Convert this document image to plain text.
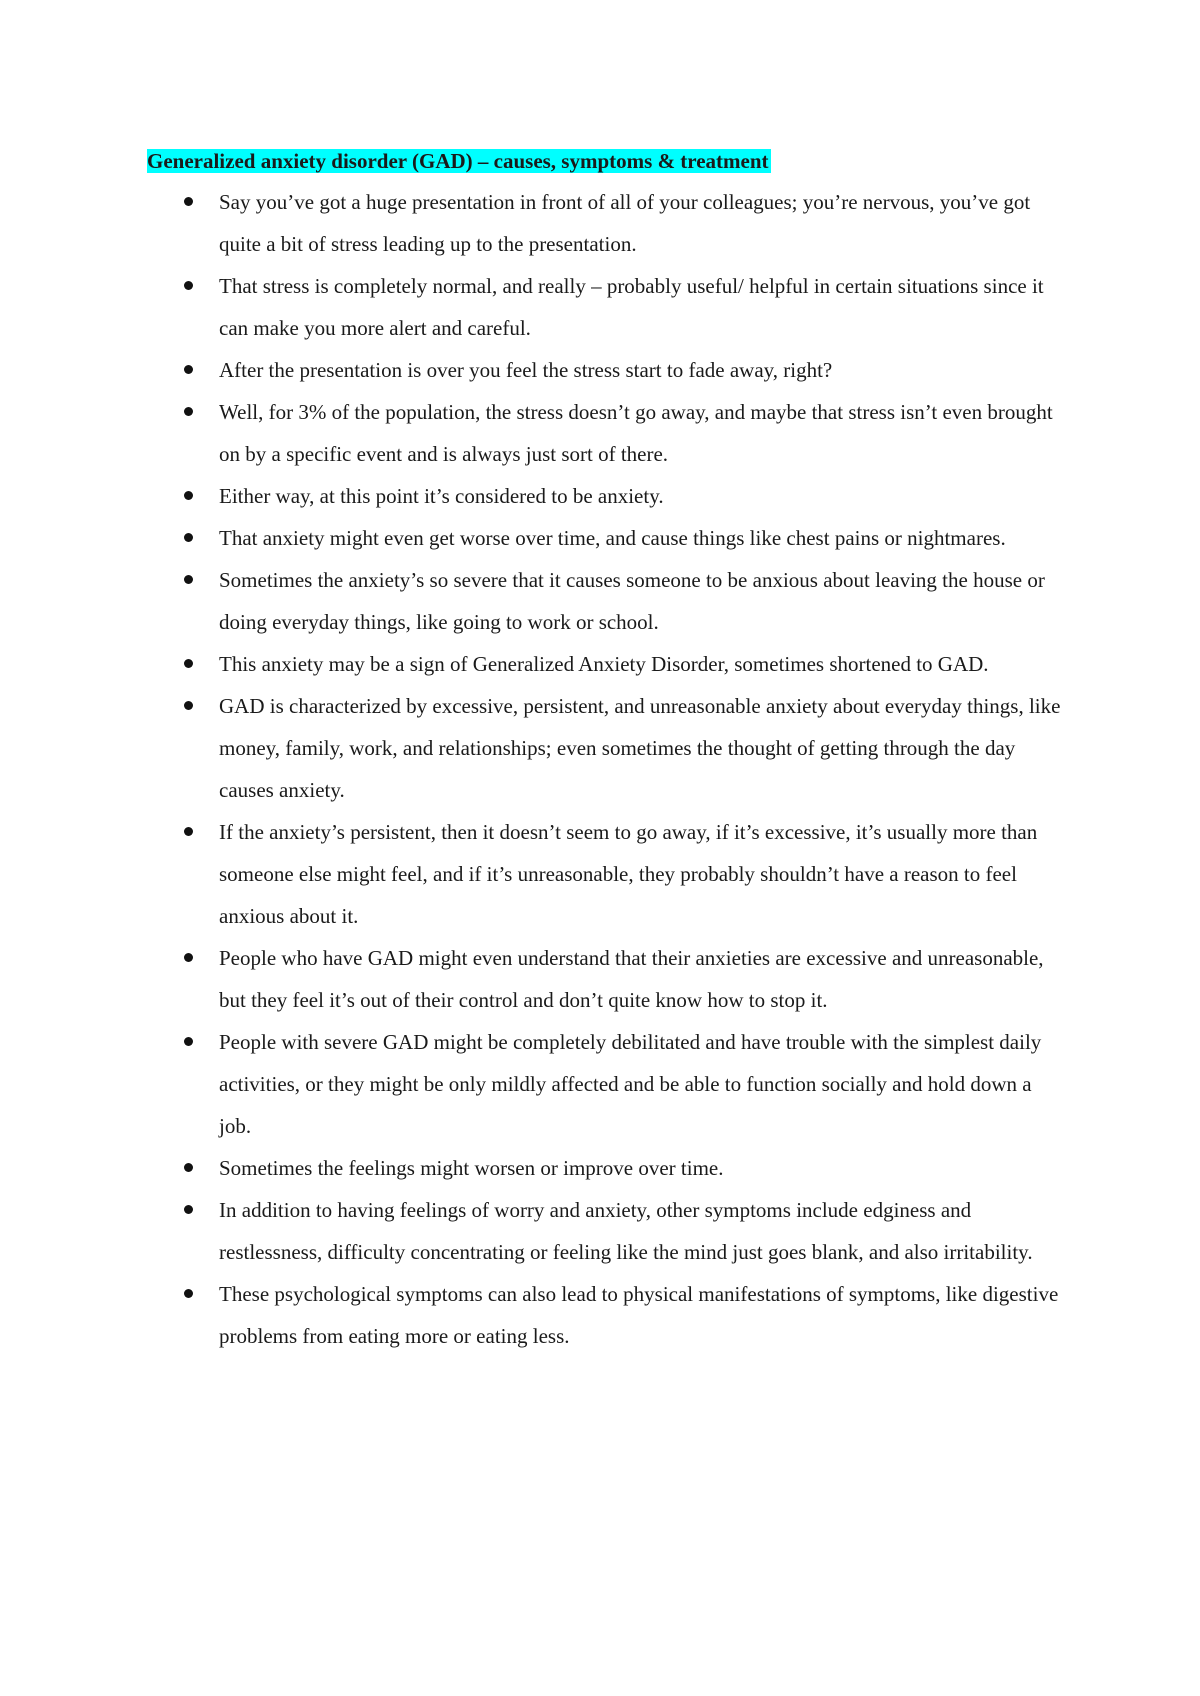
Generalized anxiety disorder (GAD) – causes, symptoms & treatment
Say you’ve got a huge presentation in front of all of your colleagues; you’re nervous, you’ve got quite a bit of stress leading up to the presentation.
That stress is completely normal, and really – probably useful/ helpful in certain situations since it can make you more alert and careful.
After the presentation is over you feel the stress start to fade away, right?
Well, for 3% of the population, the stress doesn’t go away, and maybe that stress isn’t even brought on by a specific event and is always just sort of there.
Either way, at this point it’s considered to be anxiety.
That anxiety might even get worse over time, and cause things like chest pains or nightmares.
Sometimes the anxiety’s so severe that it causes someone to be anxious about leaving the house or doing everyday things, like going to work or school.
This anxiety may be a sign of Generalized Anxiety Disorder, sometimes shortened to GAD.
GAD is characterized by excessive, persistent, and unreasonable anxiety about everyday things, like money, family, work, and relationships; even sometimes the thought of getting through the day causes anxiety.
If the anxiety’s persistent, then it doesn’t seem to go away, if it’s excessive, it’s usually more than someone else might feel, and if it’s unreasonable, they probably shouldn’t have a reason to feel anxious about it.
People who have GAD might even understand that their anxieties are excessive and unreasonable, but they feel it’s out of their control and don’t quite know how to stop it.
People with severe GAD might be completely debilitated and have trouble with the simplest daily activities, or they might be only mildly affected and be able to function socially and hold down a job.
Sometimes the feelings might worsen or improve over time.
In addition to having feelings of worry and anxiety, other symptoms include edginess and restlessness, difficulty concentrating or feeling like the mind just goes blank, and also irritability.
These psychological symptoms can also lead to physical manifestations of symptoms, like digestive problems from eating more or eating less.
